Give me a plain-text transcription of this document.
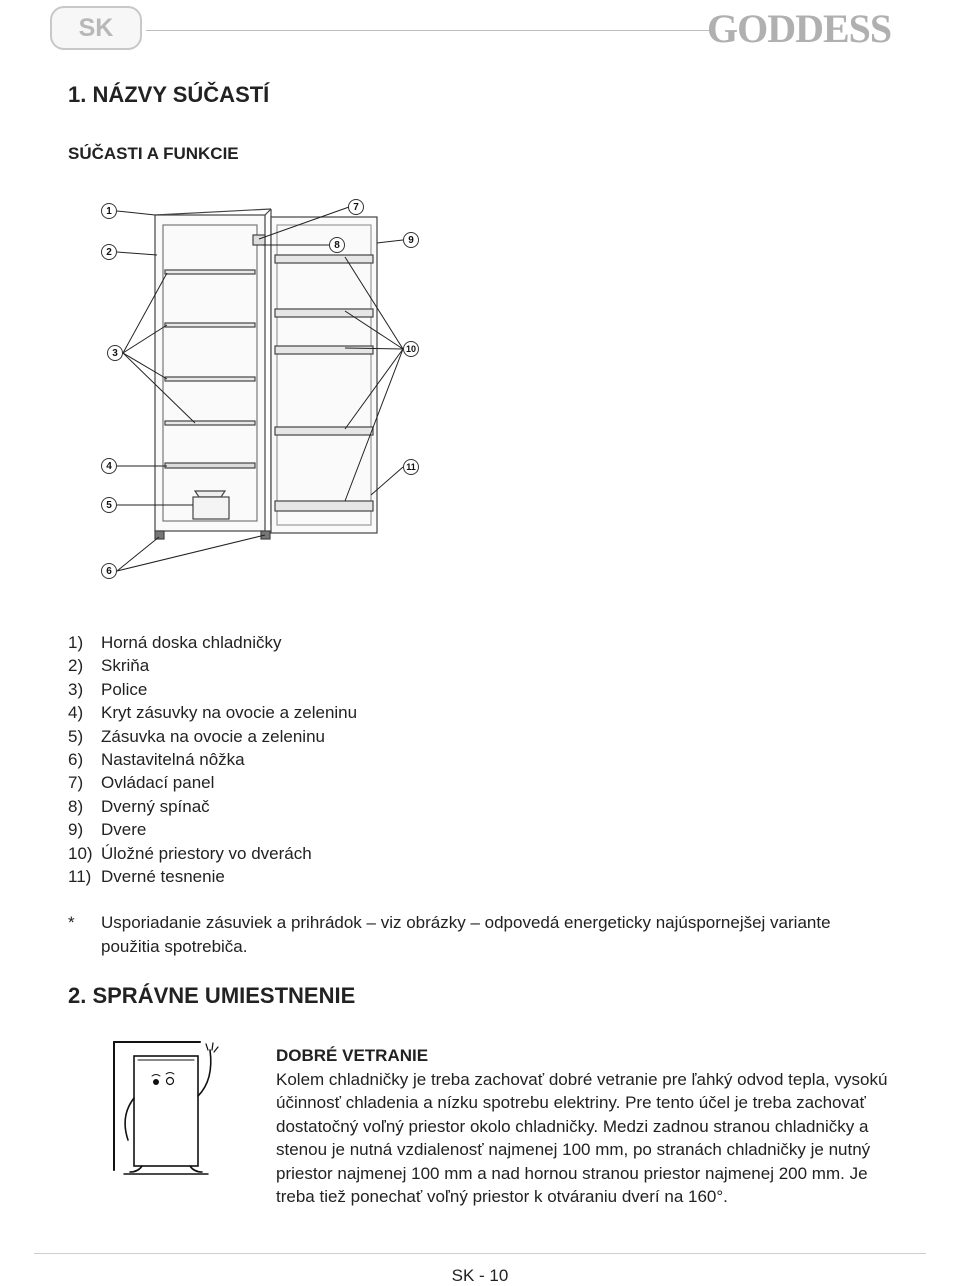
SK	GODDESS
1. NÁZVY SÚČASTÍ
SÚČASTI A FUNKCIE
1
2
3
4
5
6
7
8	9
10
11
1)	Horná doska chladničky
2)	Skriňa
3)	Police
4)	Kryt zásuvky na ovocie a zeleninu
5)	Zásuvka na ovocie a zeleninu
6)	Nastavitelná nôžka
7)	Ovládací panel
8)	Dverný spínač
9)	Dvere
10) Úložné priestory vo dverách
11) Dverné tesnenie
*	Usporiadanie zásuviek a prihrádok – viz obrázky – odpovedá energeticky najúspornejšej variante použitia spotrebiča.
2. SPRÁVNE UMIESTNENIE
DOBRÉ VETRANIE

Kolem chladničky je treba zachovať dobré vetranie pre ľahký odvod tepla, vysokú účinnosť chladenia a nízku spotrebu elektriny. Pre tento účel je treba zachovať dostatočný voľný priestor okolo chladničky. Medzi zadnou stranou chladničky a stenou je nutná vzdialenosť najmenej 100 mm, po stranách chladničky je nutný priestor najmenej 100 mm a nad hornou stranou priestor najmenej 200 mm. Je treba tiež ponechať voľný priestor k otváraniu dverí na 160°.

SK - 10
